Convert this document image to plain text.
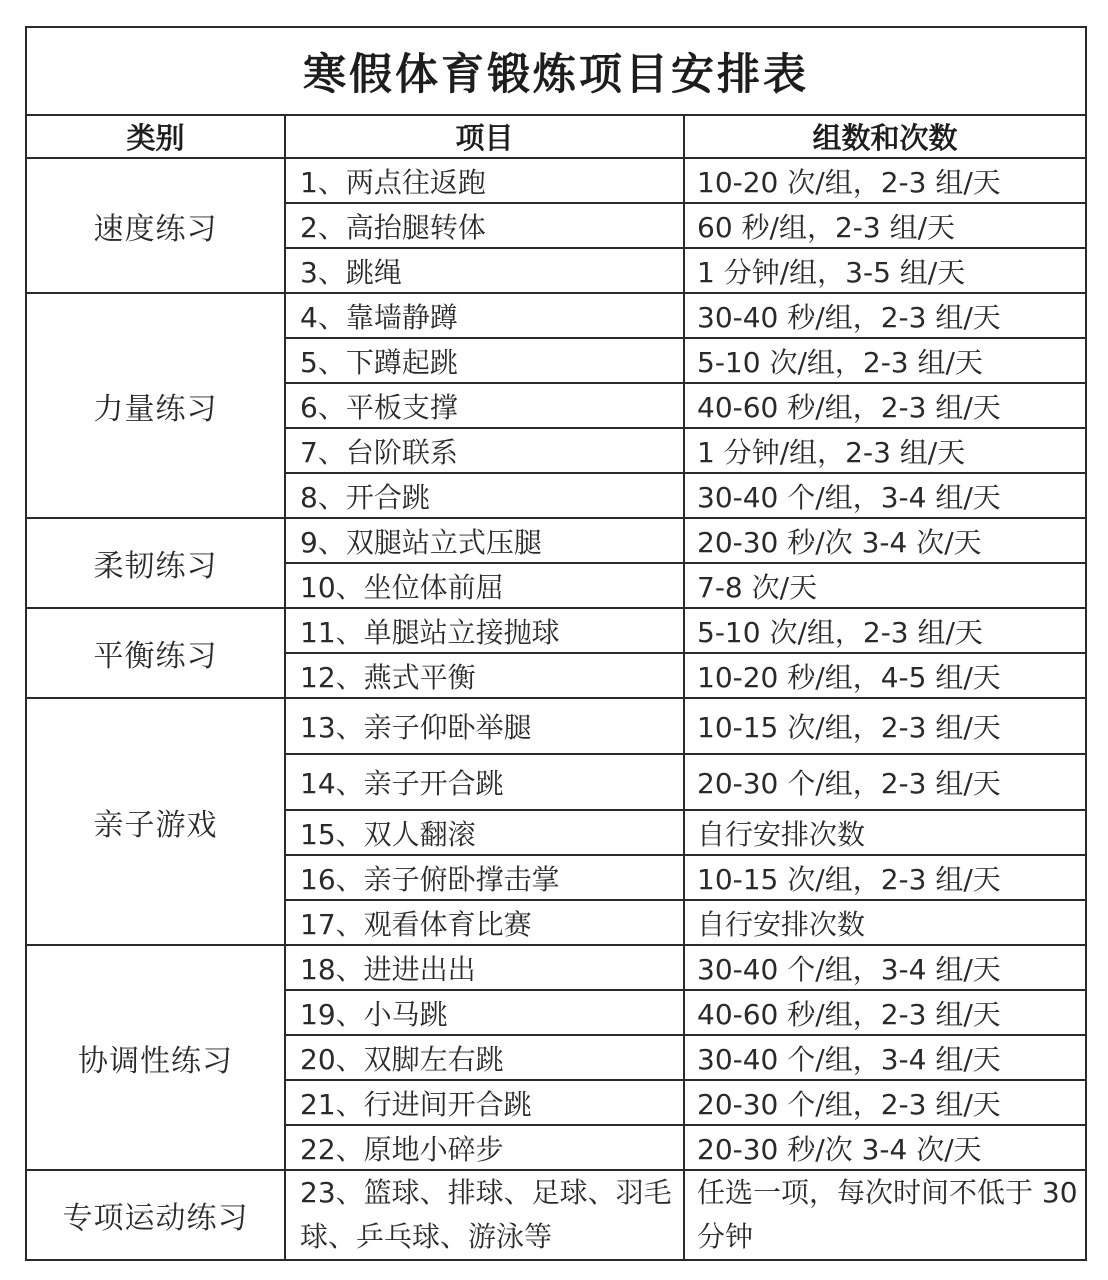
寒假体育锻炼项目安排表		
类别	项目	组数和次数
速度练习	1、两点往返跑	10-20 次/组，2-3 组/天
	2、高抬腿转体	60 秒/组，2-3 组/天
	3、跳绳	1 分钟/组，3-5 组/天
力量练习	4、靠墙静蹲	30-40 秒/组，2-3 组/天
	5、下蹲起跳	5-10 次/组，2-3 组/天
	6、平板支撑	40-60 秒/组，2-3 组/天
	7、台阶联系	1 分钟/组，2-3 组/天
	8、开合跳	30-40 个/组，3-4 组/天
柔韧练习	9、双腿站立式压腿	20-30 秒/次 3-4 次/天
	10、坐位体前屈	7-8 次/天
平衡练习	11、单腿站立接抛球	5-10 次/组，2-3 组/天
	12、燕式平衡	10-20 秒/组，4-5 组/天
亲子游戏	13、亲子仰卧举腿	10-15 次/组，2-3 组/天
	14、亲子开合跳	20-30 个/组，2-3 组/天
	15、双人翻滚	自行安排次数
	16、亲子俯卧撑击掌	10-15 次/组，2-3 组/天
	17、观看体育比赛	自行安排次数
协调性练习	18、进进出出	30-40 个/组，3-4 组/天
	19、小马跳	40-60 秒/组，2-3 组/天
	20、双脚左右跳	30-40 个/组，3-4 组/天
	21、行进间开合跳	20-30 个/组，2-3 组/天
	22、原地小碎步	20-30 秒/次 3-4 次/天
专项运动练习	23、篮球、排球、足球、羽毛球、乒乓球、游泳等	任选一项，每次时间不低于 30 分钟
